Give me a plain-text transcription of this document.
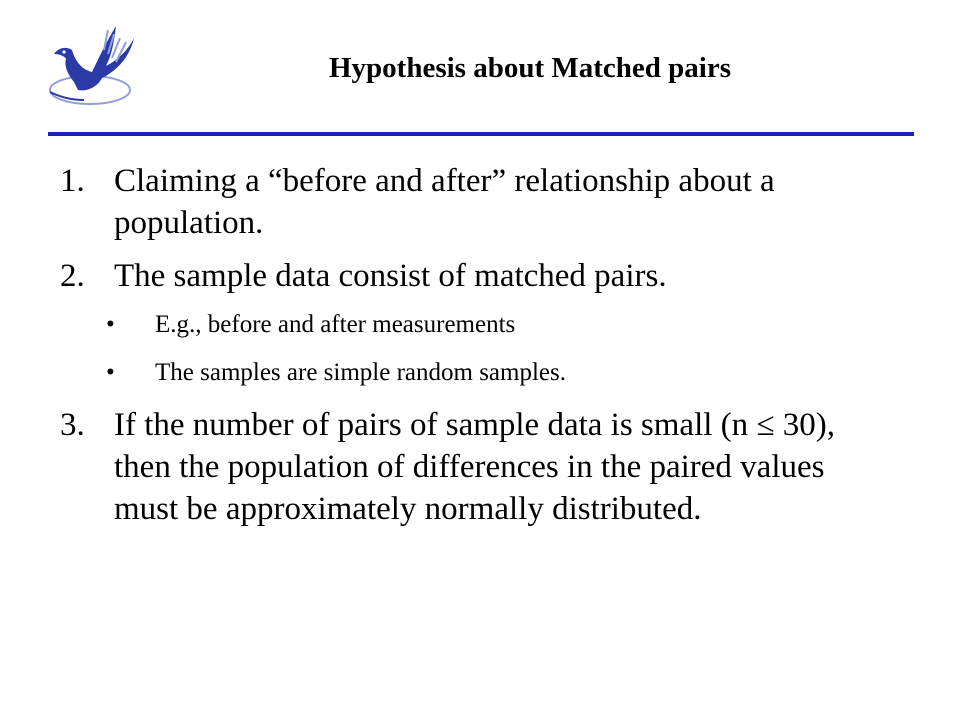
Hypothesis about Matched pairs
1. Claiming a “before and after” relationship about a population.
2. The sample data consist of matched pairs.
• E.g., before and after measurements
• The samples are simple random samples.
3. If the number of pairs of sample data is small (n ≤ 30), then the population of differences in the paired values must be approximately normally distributed.
